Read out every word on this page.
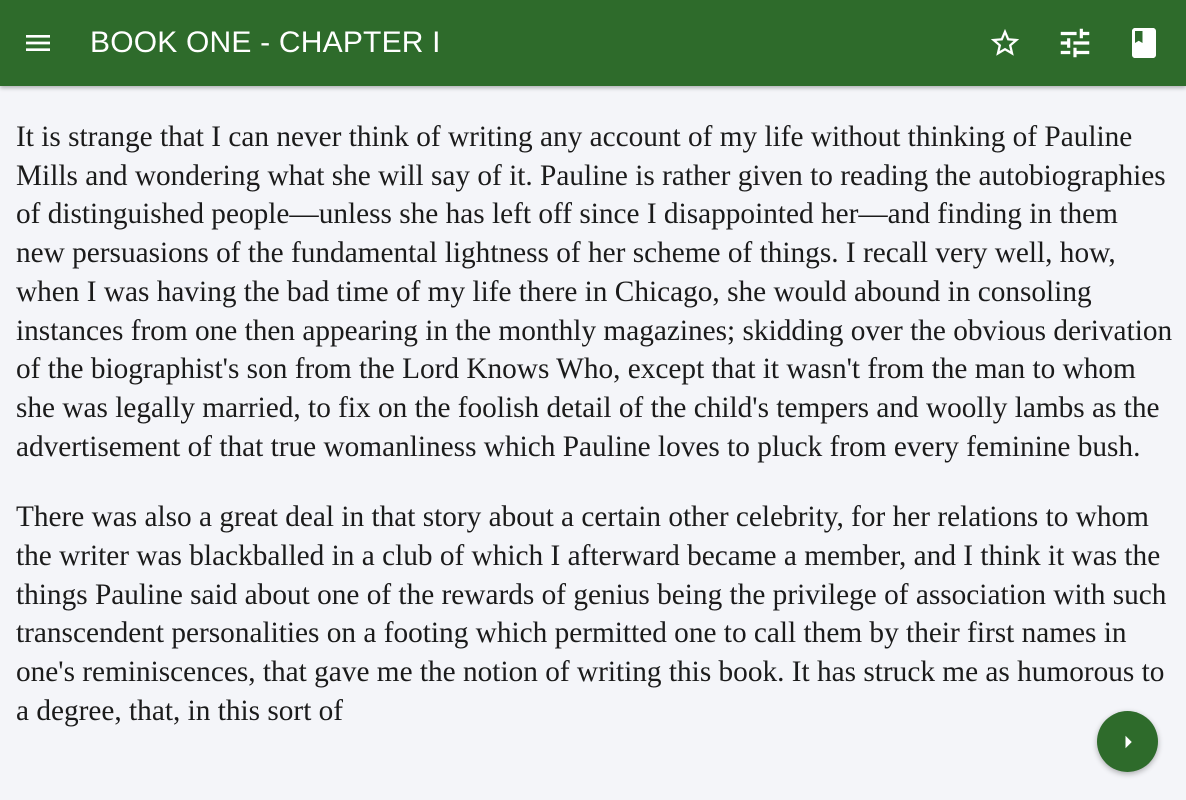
BOOK ONE - CHAPTER I

It is strange that I can never think of writing any account of my life without thinking of Pauline Mills and wondering what she will say of it. Pauline is rather given to reading the autobiographies of distinguished people—unless she has left off since I disappointed her—and finding in them new persuasions of the fundamental lightness of her scheme of things. I recall very well, how, when I was having the bad time of my life there in Chicago, she would abound in consoling instances from one then appearing in the monthly magazines; skidding over the obvious derivation of the biographist's son from the Lord Knows Who, except that it wasn't from the man to whom she was legally married, to fix on the foolish detail of the child's tempers and woolly lambs as the advertisement of that true womanliness which Pauline loves to pluck from every feminine bush.

There was also a great deal in that story about a certain other celebrity, for her relations to whom the writer was blackballed in a club of which I afterward became a member, and I think it was the things Pauline said about one of the rewards of genius being the privilege of association with such transcendent personalities on a footing which permitted one to call them by their first names in one's reminiscences, that gave me the notion of writing this book. It has struck me as humorous to a degree, that, in this sort of
